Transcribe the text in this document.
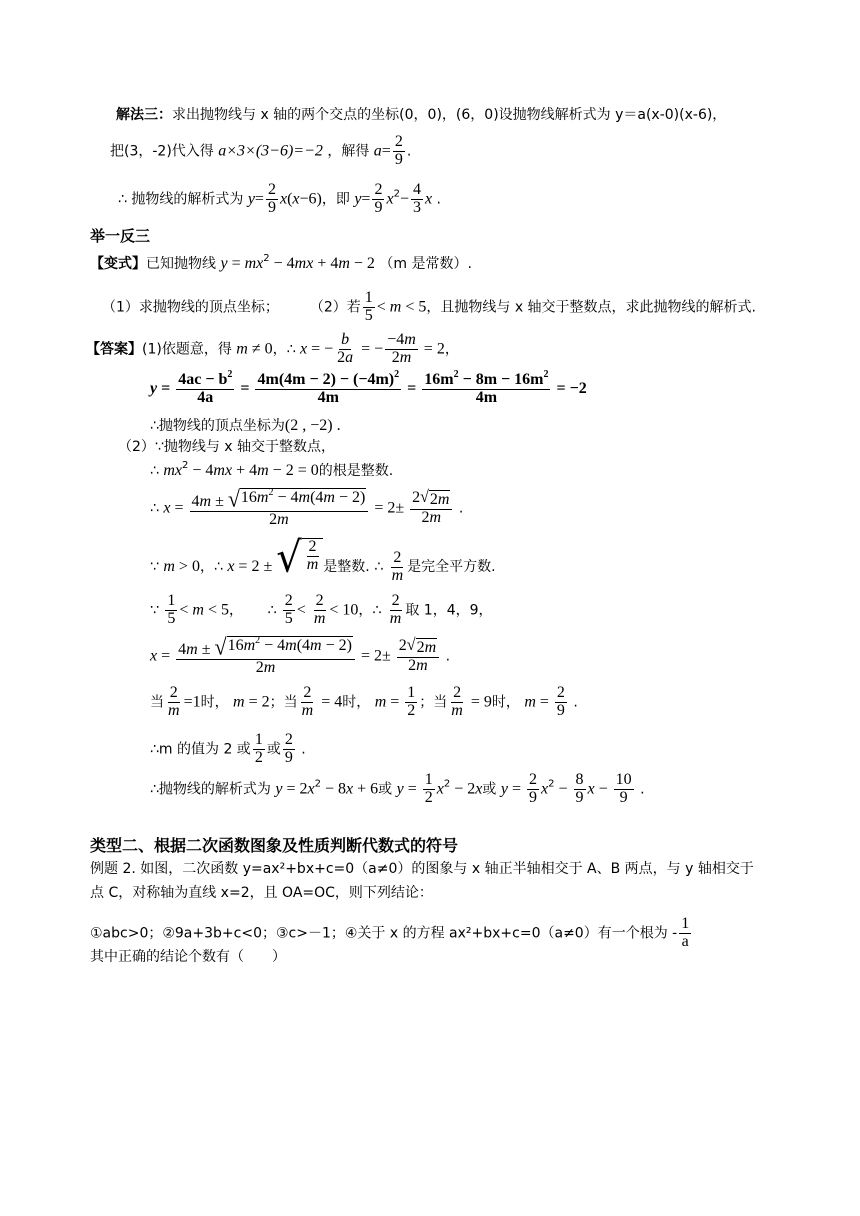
解法三：求出抛物线与 x 轴的两个交点的坐标(0，0)，(6，0)设抛物线解析式为 y＝a(x-0)(x-6)，
把(3，-2)代入得 a×3×(3−6)=−2 ，解得 $a= \frac{2}{9}$ .
∴ 抛物线的解析式为 $y= \frac{2}{9} x(x-6)$，即 $y= \frac{2}{9} x^2- \frac{4}{3}$ x .
举一反三
【变式】已知抛物线 $y = mx^2 - 4mx + 4m - 2$ （m 是常数）.
（1）求抛物线的顶点坐标； （2）若 $\frac{1}{5} < m < 5$，且抛物线与 x 轴交于整数点，求此抛物线的解析式.
【答案】(1)依题意，得 m ≠ 0，∴ x = − $\frac{b}{2a}$ = − $\frac{-4m}{2m} = 2$，
$y = \frac{4ac - b^2}{4a} = \frac{4m(4m - 2) - (-4m)^2}{4m} = \frac{16m^2 - 8m - 16m^2}{4m} = -2$
∴抛物线的顶点坐标为(2 , −2) .
（2）∵抛物线与 x 轴交于整数点，
∴ $mx^2 - 4mx + 4m - 2 = 0$的根是整数.
∴ $x = \frac{4m \pm √ 16m^2 - 4m(4m - 2)}{2m} = 2\pm \frac{2 √ 2m}{2m}$ .
∵ m > 0，∴ x = 2 ± √ $\frac{2}{m}$ 是整数. ∴ $\frac{2}{m}$ 是完全平方数.
∵ $\frac{1}{5} < m < 5$， ∴ $\frac{2}{5} < \frac{2}{m} < 10$，∴ $\frac{2}{m}$ 取 1，4，9，
$x = \frac{4m \pm √ 16m^2 - 4m(4m - 2)}{2m} = 2\pm \frac{2 √ 2m}{2m}$ .
当 $\frac{2}{m} =1$时， m = 2；当 $\frac{2}{m} = 4$时， $m = \frac{1}{2}$ ；当 $\frac{2}{m} = 9$时， $m = \frac{2}{9}$ .
∴m 的值为 2 或 $\frac{1}{2}$ 或 $\frac{2}{9}$ .
∴抛物线的解析式为 $y = 2x^2 - 8x + 6$或 $y = \frac{1}{2} x^2 - 2x$或 $y = \frac{2}{9} x^2 - \frac{8}{9}$ $x - \frac{10}{9}$ .
类型二、根据二次函数图象及性质判断代数式的符号
例题 2. 如图，二次函数 y=ax²+bx+c=0（a≠0）的图象与 x 轴正半轴相交于 A、B 两点，与 y 轴相交于
点 C，对称轴为直线 x=2，且 OA=OC，则下列结论：
①abc>0；②9a+3b+c<0；③c>－1；④关于 x 的方程 ax²+bx+c=0（a≠0）有一个根为 - $\frac{1}{a}$
其中正确的结论个数有（　　）
